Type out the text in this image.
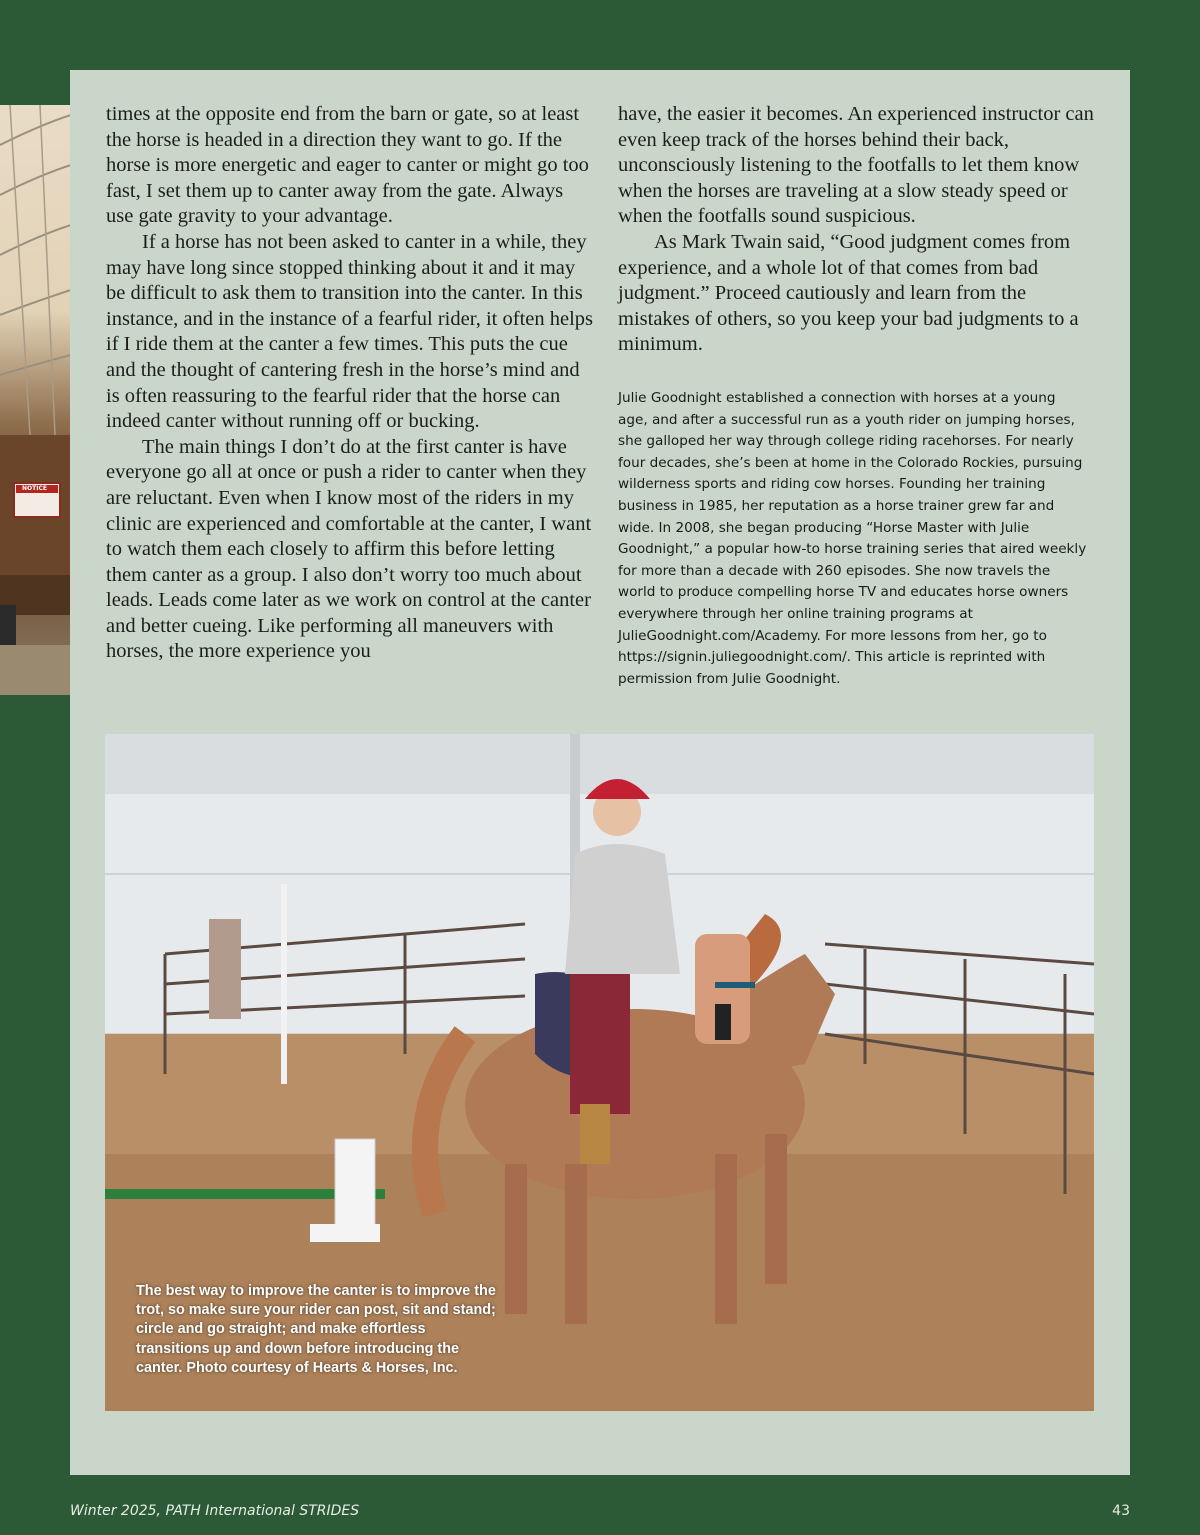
NOTICE

times at the opposite end from the barn or gate, so at least the horse is headed in a direction they want to go. If the horse is more energetic and eager to canter or might go too fast, I set them up to canter away from the gate. Always use gate gravity to your advantage.

If a horse has not been asked to canter in a while, they may have long since stopped thinking about it and it may be difficult to ask them to transition into the canter. In this instance, and in the instance of a fearful rider, it often helps if I ride them at the canter a few times. This puts the cue and the thought of cantering fresh in the horse’s mind and is often reassuring to the fearful rider that the horse can indeed canter without running off or bucking.

The main things I don’t do at the first canter is have everyone go all at once or push a rider to canter when they are reluctant. Even when I know most of the riders in my clinic are experienced and comfortable at the canter, I want to watch them each closely to affirm this before letting them canter as a group. I also don’t worry too much about leads. Leads come later as we work on control at the canter and better cueing. Like performing all maneuvers with horses, the more experience you

have, the easier it becomes. An experienced instructor can even keep track of the horses behind their back, unconsciously listening to the footfalls to let them know when the horses are traveling at a slow steady speed or when the footfalls sound suspicious.

As Mark Twain said, “Good judgment comes from experience, and a whole lot of that comes from bad judgment.” Proceed cautiously and learn from the mistakes of others, so you keep your bad judgments to a minimum.

Julie Goodnight established a connection with horses at a young age, and after a successful run as a youth rider on jumping horses, she galloped her way through college riding racehorses. For nearly four decades, she’s been at home in the Colorado Rockies, pursuing wilderness sports and riding cow horses. Founding her training business in 1985, her reputation as a horse trainer grew far and wide. In 2008, she began producing “Horse Master with Julie Goodnight,” a popular how-to horse training series that aired weekly for more than a decade with 260 episodes. She now travels the world to produce compelling horse TV and educates horse owners everywhere through her online training programs at JulieGoodnight.com/Academy. For more lessons from her, go to https://signin.juliegoodnight.com/. This article is reprinted with permission from Julie Goodnight.
The best way to improve the canter is to improve the trot, so make sure your rider can post, sit and stand; circle and go straight; and make effortless transitions up and down before introducing the canter. Photo courtesy of Hearts & Horses, Inc.
Winter 2025, PATH International STRIDES	43
